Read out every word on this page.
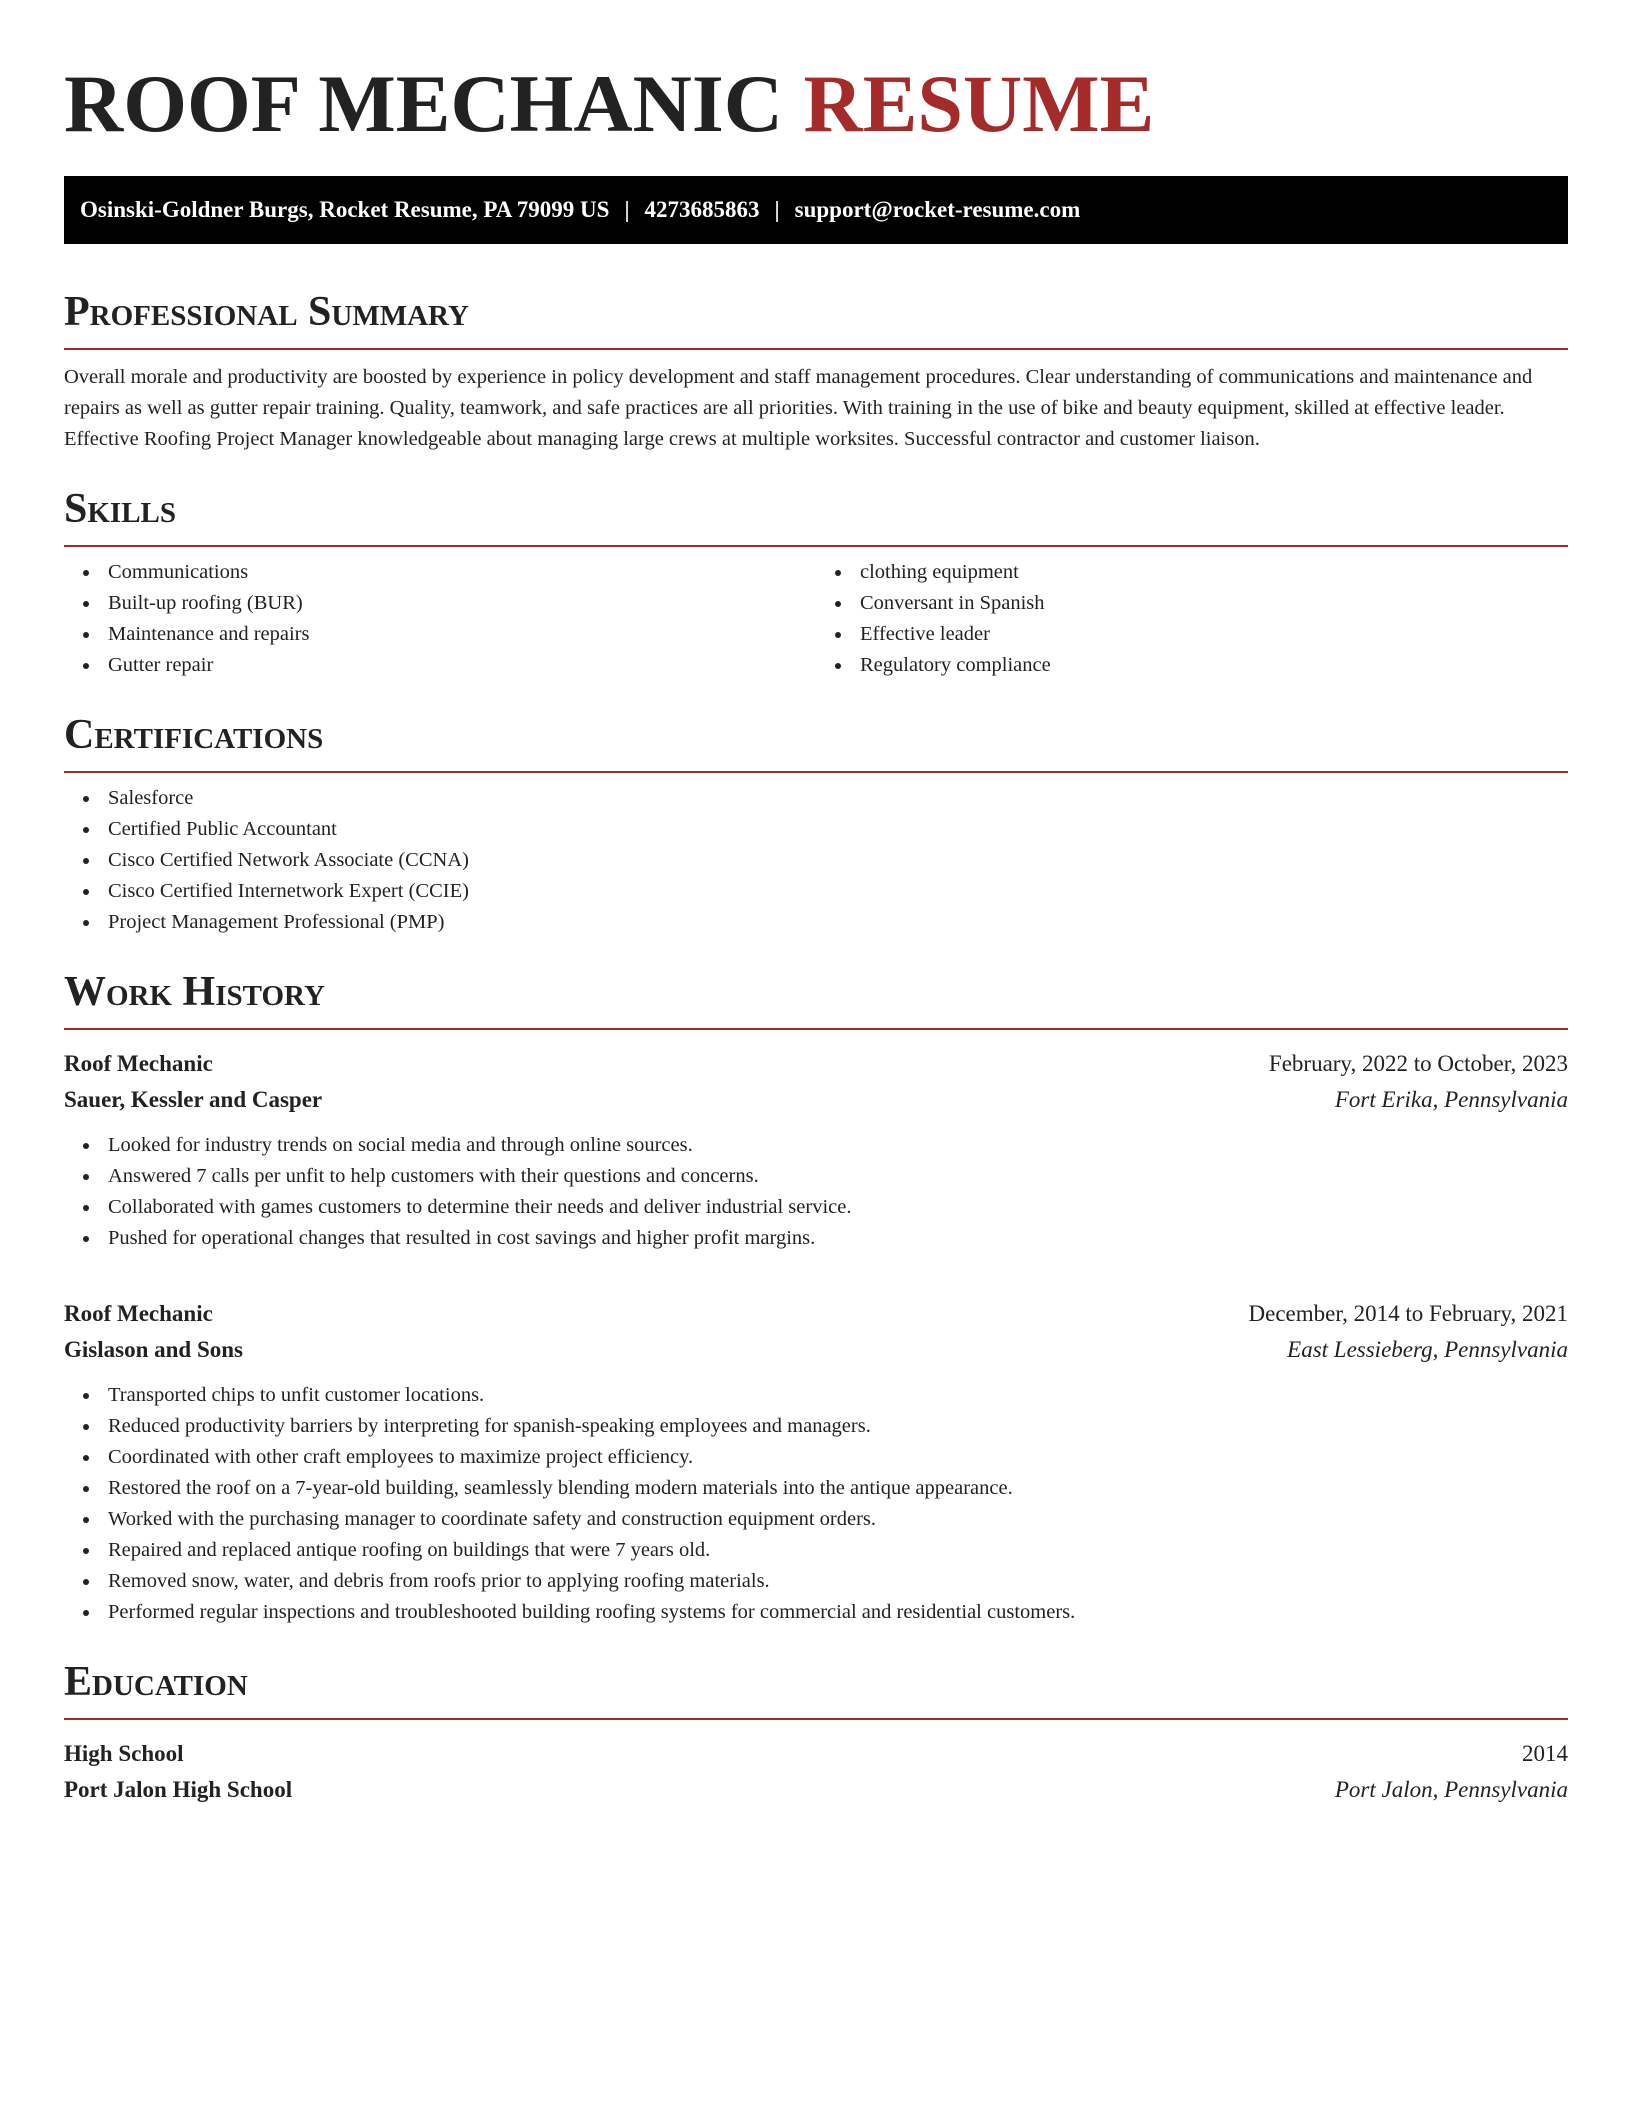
ROOF MECHANIC RESUME
Osinski-Goldner Burgs, Rocket Resume, PA 79099 US | 4273685863 | support@rocket-resume.com
Professional Summary

Overall morale and productivity are boosted by experience in policy development and staff management procedures. Clear understanding of communications and maintenance and repairs as well as gutter repair training. Quality, teamwork, and safe practices are all priorities. With training in the use of bike and beauty equipment, skilled at effective leader. Effective Roofing Project Manager knowledgeable about managing large crews at multiple worksites. Successful contractor and customer liaison.

Skills
Communications
Built-up roofing (BUR)
Maintenance and repairs
Gutter repair
clothing equipment
Conversant in Spanish
Effective leader
Regulatory compliance
Certifications
Salesforce
Certified Public Accountant
Cisco Certified Network Associate (CCNA)
Cisco Certified Internetwork Expert (CCIE)
Project Management Professional (PMP)
Work History
Roof Mechanic	February, 2022 to October, 2023
Sauer, Kessler and Casper	Fort Erika, Pennsylvania
Looked for industry trends on social media and through online sources.
Answered 7 calls per unfit to help customers with their questions and concerns.
Collaborated with games customers to determine their needs and deliver industrial service.
Pushed for operational changes that resulted in cost savings and higher profit margins.
Roof Mechanic	December, 2014 to February, 2021
Gislason and Sons	East Lessieberg, Pennsylvania
Transported chips to unfit customer locations.
Reduced productivity barriers by interpreting for spanish-speaking employees and managers.
Coordinated with other craft employees to maximize project efficiency.
Restored the roof on a 7-year-old building, seamlessly blending modern materials into the antique appearance.
Worked with the purchasing manager to coordinate safety and construction equipment orders.
Repaired and replaced antique roofing on buildings that were 7 years old.
Removed snow, water, and debris from roofs prior to applying roofing materials.
Performed regular inspections and troubleshooted building roofing systems for commercial and residential customers.
Education
High School	2014
Port Jalon High School	Port Jalon, Pennsylvania
